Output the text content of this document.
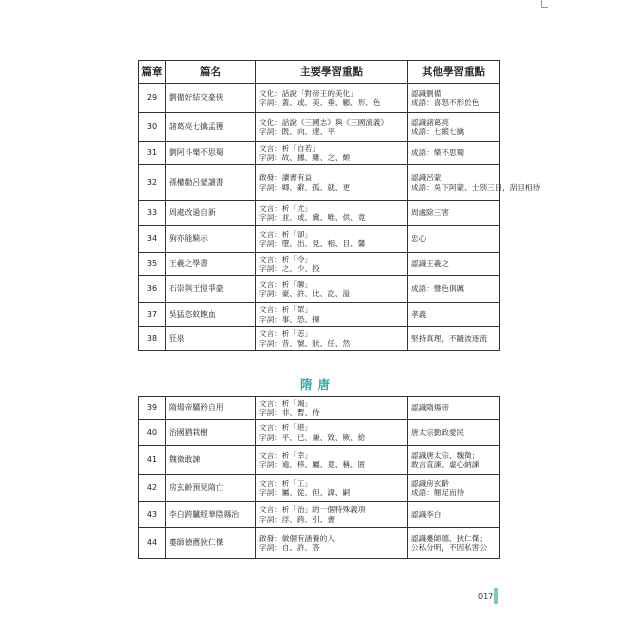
篇章	篇名	主要學習重點	其他學習重點
29	劉備好結交豪俠	文化：話說「對帝王的美化」
字詞：蓋、或、美、垂、顧、形、色	認識劉備
成語：喜怒不形於色

30	諸葛亮七擒孟獲	文化：話說《三國志》與《三國演義》
字詞：既、向、達、平	認識諸葛亮
成語：七縱七擒

31	劉阿斗樂不思蜀	文言：析「自若」
字詞：故、據、雖、之、頗	成語：樂不思蜀

32	孫權勸呂蒙讀書	啟發：讀書有益
字詞：卿、辭、孤、就、更	認識呂蒙
成語：吳下阿蒙、士別三日，刮目相待

33	周處改過自新	文言：析「尤」
字詞：並、或、冀、唯、供、竟	周處除三害

34	狗亦能騎示	文言：析「卻」
字詞：墮、出、見、相、目、馨	忠心

35	王羲之學書	文言：析「令」
字詞：之、少、投	認識王羲之

36	石崇與王愷爭豪	文言：析「聊」
字詞：豪、許、比、訖、溢	成語：聲色俱厲

37	吳猛恣蚊飽血	文言：析「眾」
字詞：事、恐、揮	孝義

38	狂泉	文言：析「恙」
字詞：昔、號、狀、任、然	堅持真理，不隨波逐流
隋唐
39	隋煬帝驕矜自用	文言：析「竭」
字詞：非、暫、侍	認識隋煬帝

40	治國猶栽樹	文言：析「堪」
字詞：平、已、兼、致、厥、給	唐太宗勤政愛民

41	魏徵敢諫	文言：析「幸」
字詞：逾、移、屬、竟、稱、匿	認識唐太宗、魏徵；
敢言直諫、虛心納諫

42	房玄齡預見隋亡	文言：析「工」
字詞：屬、從、但、諱、嗣	認識房玄齡
成語：翹足而待

43	李白跨驢經華陰縣治	文言：析「治」的一個特殊義項
字詞：浮、跨、引、書	認識李白

44	婁師德薦狄仁傑	啟發：做個有涵養的人
字詞：自、許、答	認識婁師德、狄仁傑；
公私分明，不因私害公
017
